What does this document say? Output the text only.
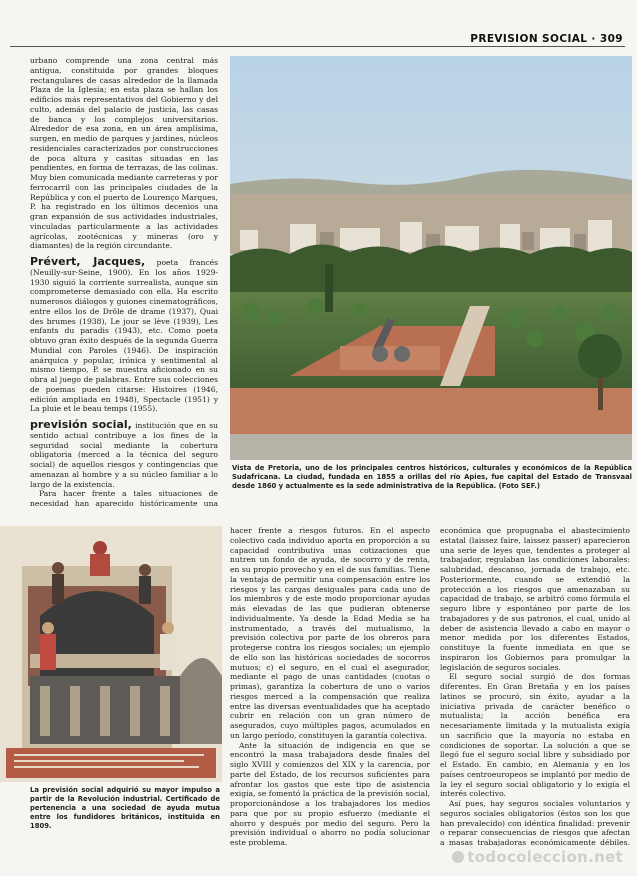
PREVISION SOCIAL · 309

urbano comprende una zona central más antigua, constituida por grandes bloques rectangulares de casas alrededor de la llamada Plaza de la Iglesia; en esta plaza se hallan los edificios más representativos del Gobierno y del culto, además del palacio de justicia, las casas de banca y los complejos universitarios. Alrededor de esa zona, en un área amplísima, surgen, en medio de parques y jardines, núcleos residenciales caracterizados por construcciones de poca altura y casitas situadas en las pendientes, en forma de terrazas, de las colinas. Muy bien comunicada mediante carreteras y por ferrocarril con las principales ciudades de la República y con el puerto de Lourenço Marques, P. ha registrado en los últimos decenios una gran expansión de sus actividades industriales, vinculadas particularmente a las actividades agrícolas, zootécnicas y mineras (oro y diamantes) de la región circundante.

Prévert, Jacques, poeta francés (Neuilly-sur-Seine, 1900). En los años 1929-1930 siguió la corriente surrealista, aunque sin comprometerse demasiado con ella. Ha escrito numerosos diálogos y guiones cinematográficos, entre ellos los de Drôle de drame (1937), Quai des brumes (1938), Le jour se lève (1939), Les enfants du paradis (1943), etc. Como poeta obtuvo gran éxito después de la segunda Guerra Mundial con Paroles (1946). De inspiración anárquica y popular, irónica y sentimental al mismo tiempo, P. se muestra aficionado en su obra al juego de palabras. Entre sus colecciones de poemas pueden citarse: Histoires (1946, edición ampliada en 1948), Spectacle (1951) y La pluie et le beau temps (1955).

previsión social, institución que en su sentido actual contribuye a los fines de la seguridad social mediante la cobertura obligatoria (merced a la técnica del seguro social) de aquellos riesgos y contingencias que amenazan al hombre y a su núcleo familiar a lo largo de la existencia.

Para hacer frente a tales situaciones de necesidad han aparecido históricamente una

Vista de Pretoria, uno de los principales centros históricos, culturales y económicos de la República Sudafricana. La ciudad, fundada en 1855 a orillas del río Apies, fue capital del Estado de Transvaal desde 1860 y actualmente es la sede administrativa de la República. (Foto SEF.)
La previsión social adquirió su mayor impulso a partir de la Revolución industrial. Certificado de pertenencia a una sociedad de ayuda mutua entre los fundidores británicos, instituida en 1809.

hacer frente a riesgos futuros. En el aspecto colectivo cada individuo aporta en proporción a su capacidad contributiva unas cotizaciones que nutren un fondo de ayuda, de socorro y de renta, en su propio provecho y en el de sus familias. Tiene la ventaja de permitir una compensación entre los riesgos y las cargas desiguales para cada uno de los miembros y de este modo proporcionar ayudas más elevadas de las que pudieran obtenerse individualmente. Ya desde la Edad Media se ha instrumentado, a través del mutualismo, la previsión colectiva por parte de los obreros para protegerse contra los riesgos sociales; un ejemplo de ello son las históricas sociedades de socorros mutuos; c) el seguro, en el cual el asegurador, mediante el pago de unas cantidades (cuotas o primas), garantiza la cobertura de uno o varios riesgos merced a la compensación que realiza entre las diversas eventualidades que ha aceptado cubrir en relación con un gran número de asegurados, cuyo múltiples pagos, acumulados en un largo período, constituyen la garantía colectiva.

Ante la situación de indigencia en que se encontró la masa trabajadora desde finales del siglo XVIII y comienzos del XIX y la carencia, por parte del Estado, de los recursos suficientes para afrontar los gastos que este tipo de asistencia exigía, se fomentó la práctica de la previsión social, proporcionándose a los trabajadores los medios para que por su propio esfuerzo (mediante el ahorro y después por medio del seguro. Pero la previsión individual o ahorro no podía solucionar este problema.

económica que propugnaba el abastecimiento estatal (laissez faire, laissez passer) aparecieron una serie de leyes que, tendentes a proteger al trabajador, regulaban las condiciones laborales: salubridad, descanso, jornada de trabajo, etc. Posteriormente, cuando se extendió la protección a los riesgos que amenazaban su capacidad de trabajo, se arbitró como fórmula el seguro libre y espontáneo por parte de los trabajadores y de sus patronos, el cual, unido al deber de asistencia llevado a cabo en mayor o menor medida por los diferentes Estados, constituye la fuente inmediata en que se inspiraron los Gobiernos para promulgar la legislación de seguros sociales.

El seguro social surgió de dos formas diferentes. En Gran Bretaña y en los países latinos se procuró, sin éxito, ayudar a la iniciativa privada de carácter benéfico o mutualista; la acción benéfica era necesariamente limitada y la mutualista exigía un sacrificio que la mayoría no estaba en condiciones de soportar. La solución a que se llegó fue el seguro social libre y subsidiado por el Estado. En cambio, en Alemania y en los países centroeuropeos se implantó por medio de la ley el seguro social obligatorio y lo exigía el interés colectivo.

Así pues, hay seguros sociales voluntarios y seguros sociales obligatorios (éstos son los que han prevalecido) con idéntica finalidad: prevenir o reparar consecuencias de riesgos que afectan a masas trabajadoras económicamente débiles.

todocoleccion.net
